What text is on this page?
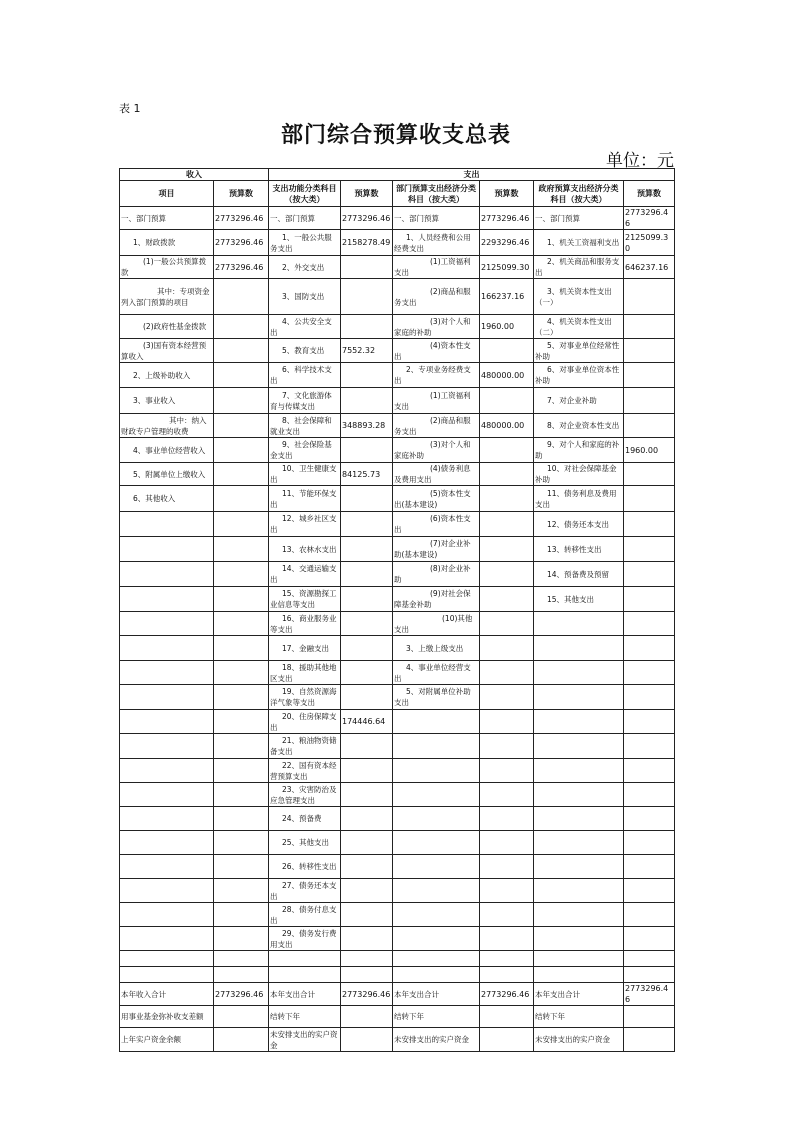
表 1
部门综合预算收支总表
单位：元
收入		支出					
项目	预算数	支出功能分类科目（按大类）	预算数	部门预算支出经济分类科目（按大类）	预算数	政府预算支出经济分类科目（按大类）	预算数
一、部门预算	2773296.46	一、部门预算	2773296.46	一、部门预算	2773296.46	一、部门预算	2773296.46
1、财政拨款	2773296.46	1、一般公共服务支出	2158278.49	1、人员经费和公用经费支出	2293296.46	1、机关工资福利支出	2125099.30
(1)一般公共预算拨款	2773296.46	2、外交支出		(1)工资福利支出	2125099.30	2、机关商品和服务支出	646237.16
其中：专项资金列入部门预算的项目		3、国防支出		(2)商品和服务支出	166237.16	3、机关资本性支出（一）	
(2)政府性基金拨款		4、公共安全支出		(3)对个人和家庭的补助	1960.00	4、机关资本性支出（二）	
(3)国有资本经营预算收入		5、教育支出	7552.32	(4)资本性支出		5、对事业单位经常性补助	
2、上级补助收入		6、科学技术支出		2、专项业务经费支出	480000.00	6、对事业单位资本性补助	
3、事业收入		7、文化旅游体育与传媒支出		(1)工资福利支出		7、对企业补助	
其中：纳入财政专户管理的收费		8、社会保障和就业支出	348893.28	(2)商品和服务支出	480000.00	8、对企业资本性支出	
4、事业单位经营收入		9、社会保险基金支出		(3)对个人和家庭补助		9、对个人和家庭的补助	1960.00
5、附属单位上缴收入		10、卫生健康支出	84125.73	(4)债务利息及费用支出		10、对社会保障基金补助	
6、其他收入		11、节能环保支出		(5)资本性支出(基本建设)		11、债务利息及费用支出	
		12、城乡社区支出		(6)资本性支出		12、债务还本支出	
		13、农林水支出		(7)对企业补助(基本建设)		13、转移性支出	
		14、交通运输支出		(8)对企业补助		14、预备费及预留	
		15、资源勘探工业信息等支出		(9)对社会保障基金补助		15、其他支出	
		16、商业服务业等支出		(10)其他支出			
		17、金融支出		3、上缴上级支出			
		18、援助其他地区支出		4、事业单位经营支出			
		19、自然资源海洋气象等支出		5、对附属单位补助支出			
		20、住房保障支出	174446.64				
		21、粮油物资储备支出					
		22、国有资本经营预算支出					
		23、灾害防治及应急管理支出					
		24、预备费					
		25、其他支出					
		26、转移性支出					
		27、债务还本支出					
		28、债务付息支出					
		29、债务发行费用支出					

本年收入合计	2773296.46	本年支出合计	2773296.46	本年支出合计	2773296.46	本年支出合计	2773296.46
用事业基金弥补收支差额		结转下年		结转下年		结转下年	
上年实户资金余额		未安排支出的实户资金		未安排支出的实户资金		未安排支出的实户资金	
